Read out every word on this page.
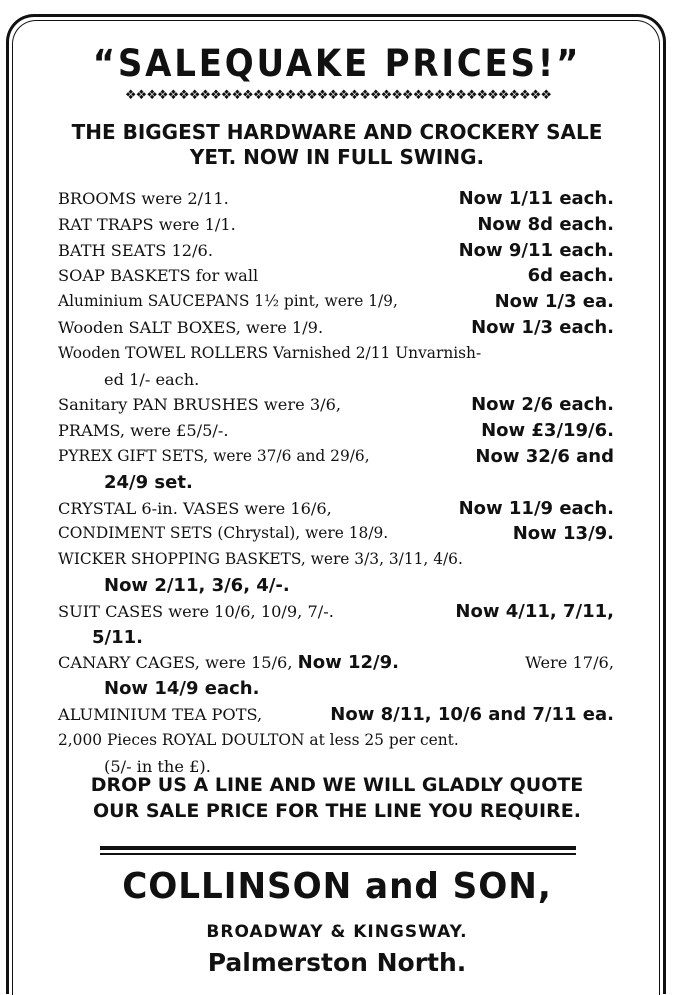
“SALEQUAKE PRICES!”
❖❖❖❖❖❖❖❖❖❖❖❖❖❖❖❖❖❖❖❖❖❖❖❖❖❖❖❖❖❖❖❖❖❖❖❖❖❖❖❖
THE BIGGEST HARDWARE AND CROCKERY SALE
YET. NOW IN FULL SWING.
BROOMS were 2/11.	Now 1/11 each.
RAT TRAPS were 1/1.	Now 8d each.
BATH SEATS 12/6.	Now 9/11 each.
SOAP BASKETS for wall	6d each.
Aluminium SAUCEPANS 1½ pint, were 1/9,	Now 1/3 ea.
Wooden SALT BOXES, were 1/9.	Now 1/3 each.
Wooden TOWEL ROLLERS Varnished 2/11 Unvarnish-
ed 1/- each.
Sanitary PAN BRUSHES were 3/6,	Now 2/6 each.
PRAMS, were £5/5/-.	Now £3/19/6.
PYREX GIFT SETS, were 37/6 and 29/6,	Now 32/6 and
24/9 set.
CRYSTAL 6-in. VASES were 16/6,	Now 11/9 each.
CONDIMENT SETS (Chrystal), were 18/9.	Now 13/9.
WICKER SHOPPING BASKETS, were 3/3, 3/11, 4/6.
Now 2/11, 3/6, 4/-.
SUIT CASES were 10/6, 10/9, 7/-.	Now 4/11, 7/11,
5/11.
CANARY CAGES, were 15/6, Now 12/9.	Were 17/6,
Now 14/9 each.
ALUMINIUM TEA POTS,	Now 8/11, 10/6 and 7/11 ea.
2,000 Pieces ROYAL DOULTON at less 25 per cent.
(5/- in the £).
DROP US A LINE AND WE WILL GLADLY QUOTE
OUR SALE PRICE FOR THE LINE YOU REQUIRE.
COLLINSON and SON,
BROADWAY & KINGSWAY.
Palmerston North.
